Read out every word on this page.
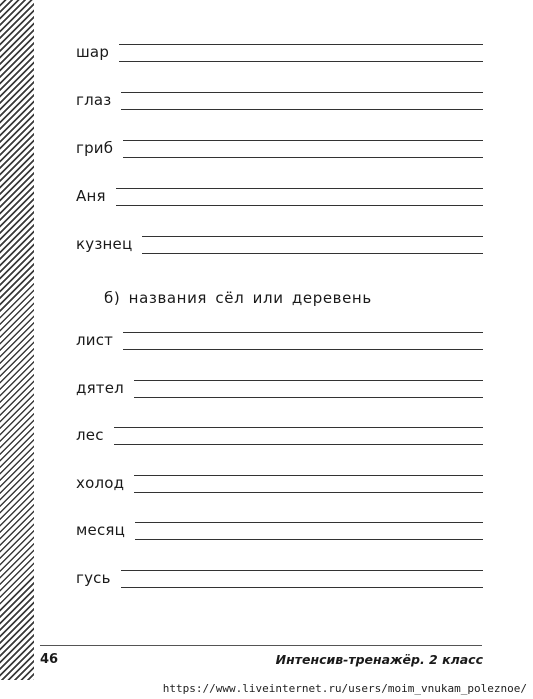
шар
глаз
гриб
Аня
кузнец
б) названия сёл или деревень
лист
дятел
лес
холод
месяц
гусь
46	Интенсив-тренажёр. 2 класс
https://www.liveinternet.ru/users/moim_vnukam_poleznoe/
